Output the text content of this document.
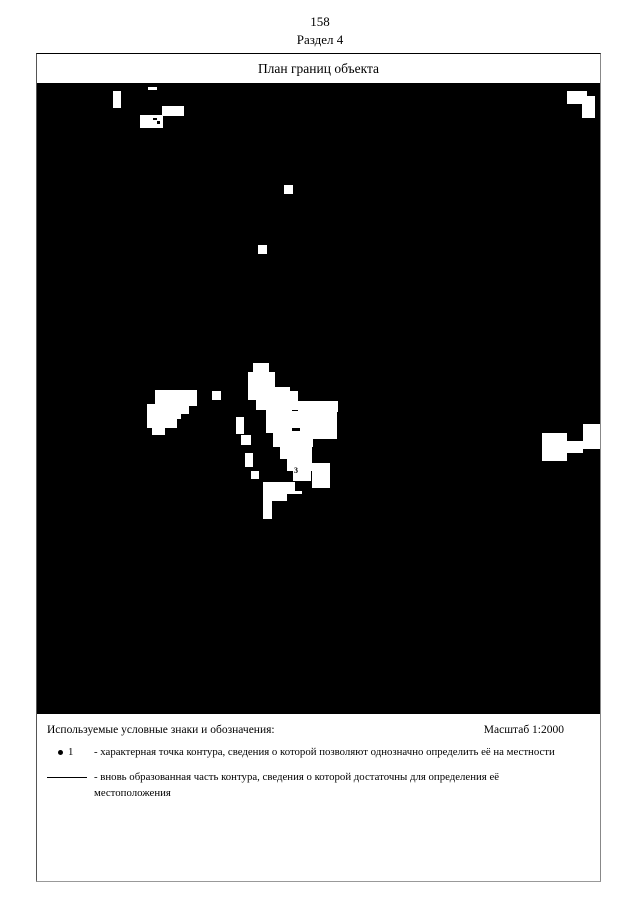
158
Раздел 4
План границ объекта
3
4
Используемые условные знаки и обозначения:	Масштаб 1:2000
1 - характерная точка контура, сведения о которой позволяют однозначно определить её на местности
- вновь образованная часть контура, сведения о которой достаточны для определения её местоположения
